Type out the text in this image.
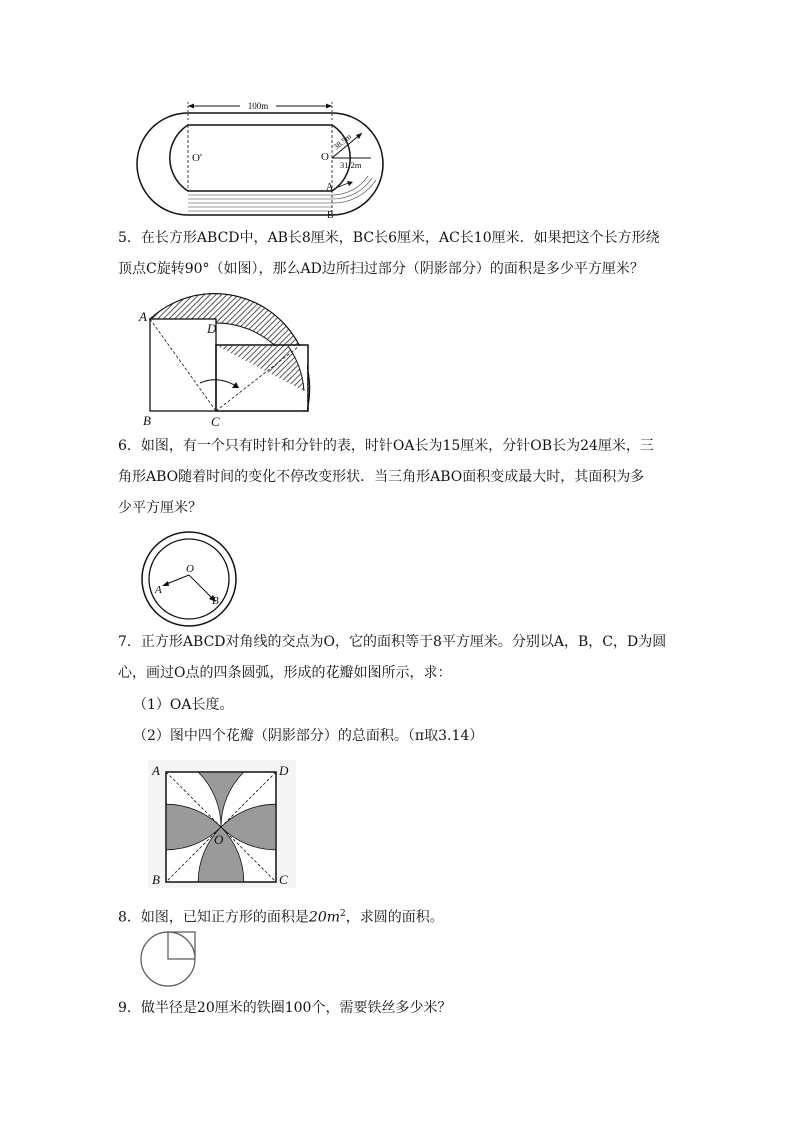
100m
38.5m
31.2m
O'	O
A
B
5．在长方形ABCD中，AB长8厘米，BC长6厘米，AC长10厘米．如果把这个长方形绕
顶点C旋转90°（如图），那么AD边所扫过部分（阴影部分）的面积是多少平方厘米？
A
D
B	C
6．如图，有一个只有时针和分针的表，时针OA长为15厘米，分针OB长为24厘米，三
角形ABO随着时间的变化不停改变形状．当三角形ABO面积变成最大时，其面积为多
少平方厘米？
O
A
B
7．正方形ABCD对角线的交点为O，它的面积等于8平方厘米。分别以A，B，C，D为圆
心，画过O点的四条圆弧，形成的花瓣如图所示，求：
（1）OA长度。
（2）图中四个花瓣（阴影部分）的总面积。（π取3.14）
A	D
B	C
O
8．如图，已知正方形的面积是$20m^2$，求圆的面积。
9．做半径是20厘米的铁圈100个，需要铁丝多少米？
